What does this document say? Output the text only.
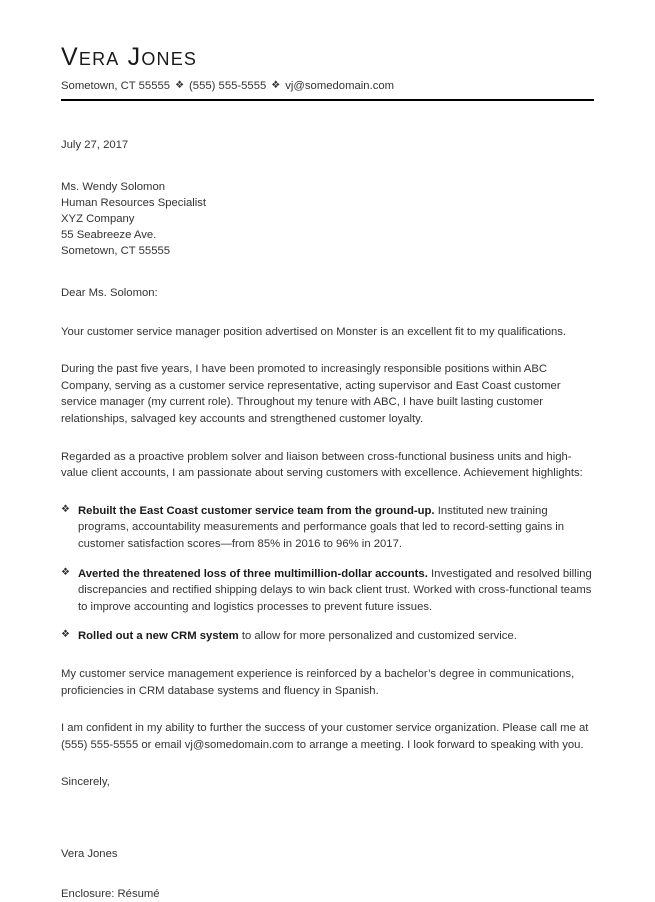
Vera Jones
Sometown, CT 55555 ❖ (555) 555-5555 ❖ vj@somedomain.com
July 27, 2017
Ms. Wendy Solomon
Human Resources Specialist
XYZ Company
55 Seabreeze Ave.
Sometown, CT 55555
Dear Ms. Solomon:

Your customer service manager position advertised on Monster is an excellent fit to my qualifications.

During the past five years, I have been promoted to increasingly responsible positions within ABC Company, serving as a customer service representative, acting supervisor and East Coast customer service manager (my current role). Throughout my tenure with ABC, I have built lasting customer relationships, salvaged key accounts and strengthened customer loyalty.

Regarded as a proactive problem solver and liaison between cross-functional business units and high-value client accounts, I am passionate about serving customers with excellence. Achievement highlights:

❖ Rebuilt the East Coast customer service team from the ground-up. Instituted new training programs, accountability measurements and performance goals that led to record-setting gains in customer satisfaction scores—from 85% in 2016 to 96% in 2017.
❖ Averted the threatened loss of three multimillion-dollar accounts. Investigated and resolved billing discrepancies and rectified shipping delays to win back client trust. Worked with cross-functional teams to improve accounting and logistics processes to prevent future issues.
❖ Rolled out a new CRM system to allow for more personalized and customized service.

My customer service management experience is reinforced by a bachelor’s degree in communications, proficiencies in CRM database systems and fluency in Spanish.

I am confident in my ability to further the success of your customer service organization. Please call me at (555) 555-5555 or email vj@somedomain.com to arrange a meeting. I look forward to speaking with you.

Sincerely,
Vera Jones
Enclosure: Résumé
